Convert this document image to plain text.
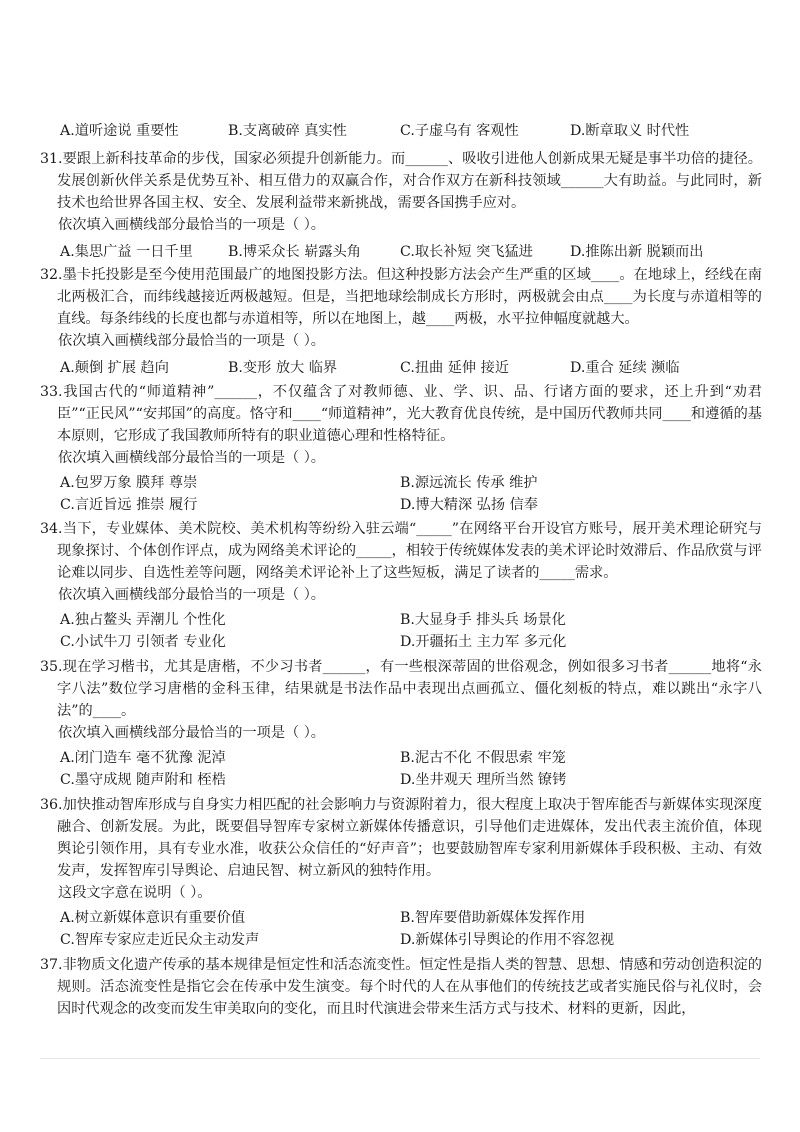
A.道听途说 重要性	B.支离破碎 真实性	C.子虚乌有 客观性	D.断章取义 时代性
31.要跟上新科技革命的步伐，国家必须提升创新能力。而______、吸收引进他人创新成果无疑是事半功倍的捷径。发展创新伙伴关系是优势互补、相互借力的双赢合作，对合作双方在新科技领域______大有助益。与此同时，新技术也给世界各国主权、安全、发展利益带来新挑战，需要各国携手应对。
依次填入画横线部分最恰当的一项是（ ）。
A.集思广益 一日千里 B.博采众长 崭露头角	C.取长补短 突飞猛进	D.推陈出新 脱颖而出
32.墨卡托投影是至今使用范围最广的地图投影方法。但这种投影方法会产生严重的区域____。在地球上，经线在南北两极汇合，而纬线越接近两极越短。但是，当把地球绘制成长方形时，两极就会由点____为长度与赤道相等的直线。每条纬线的长度也都与赤道相等，所以在地图上，越____两极，水平拉伸幅度就越大。
依次填入画横线部分最恰当的一项是（ ）。
A.颠倒 扩展 趋向	B.变形 放大 临界	C.扭曲 延伸 接近	D.重合 延续 濒临
33.我国古代的“师道精神”______，不仅蕴含了对教师德、业、学、识、品、行诸方面的要求，还上升到“劝君臣”“正民风”“安邦国”的高度。恪守和____“师道精神”，光大教育优良传统，是中国历代教师共同____和遵循的基本原则，它形成了我国教师所特有的职业道德心理和性格特征。
依次填入画横线部分最恰当的一项是（ ）。
A.包罗万象 膜拜 尊崇	B.源远流长 传承 维护
C.言近旨远 推崇 履行	D.博大精深 弘扬 信奉
34.当下，专业媒体、美术院校、美术机构等纷纷入驻云端“_____”在网络平台开设官方账号，展开美术理论研究与现象探讨、个体创作评点，成为网络美术评论的_____，相较于传统媒体发表的美术评论时效滞后、作品欣赏与评论难以同步、自选性差等问题，网络美术评论补上了这些短板，满足了读者的_____需求。
依次填入画横线部分最恰当的一项是（ ）。
A.独占鳌头 弄潮儿 个性化	B.大显身手 排头兵 场景化
C.小试牛刀 引领者 专业化	D.开疆拓土 主力军 多元化
35.现在学习楷书，尤其是唐楷，不少习书者______，有一些根深蒂固的世俗观念，例如很多习书者______地将“永字八法”数位学习唐楷的金科玉律，结果就是书法作品中表现出点画孤立、僵化刻板的特点，难以跳出“永字八法”的____。
依次填入画横线部分最恰当的一项是（ ）。
A.闭门造车 毫不犹豫 泥淖	B.泥古不化 不假思索 牢笼
C.墨守成规 随声附和 桎梏	D.坐井观天 理所当然 镣铐
36.加快推动智库形成与自身实力相匹配的社会影响力与资源附着力，很大程度上取决于智库能否与新媒体实现深度融合、创新发展。为此，既要倡导智库专家树立新媒体传播意识，引导他们走进媒体，发出代表主流价值，体现舆论引领作用，具有专业水准，收获公众信任的“好声音”；也要鼓励智库专家利用新媒体手段积极、主动、有效发声，发挥智库引导舆论、启迪民智、树立新风的独特作用。
这段文字意在说明（ ）。
A.树立新媒体意识有重要价值	B.智库要借助新媒体发挥作用
C.智库专家应走近民众主动发声	D.新媒体引导舆论的作用不容忽视
37.非物质文化遗产传承的基本规律是恒定性和活态流变性。恒定性是指人类的智慧、思想、情感和劳动创造积淀的规则。活态流变性是指它会在传承中发生演变。每个时代的人在从事他们的传统技艺或者实施民俗与礼仪时，会因时代观念的改变而发生审美取向的变化，而且时代演进会带来生活方式与技术、材料的更新，因此，
